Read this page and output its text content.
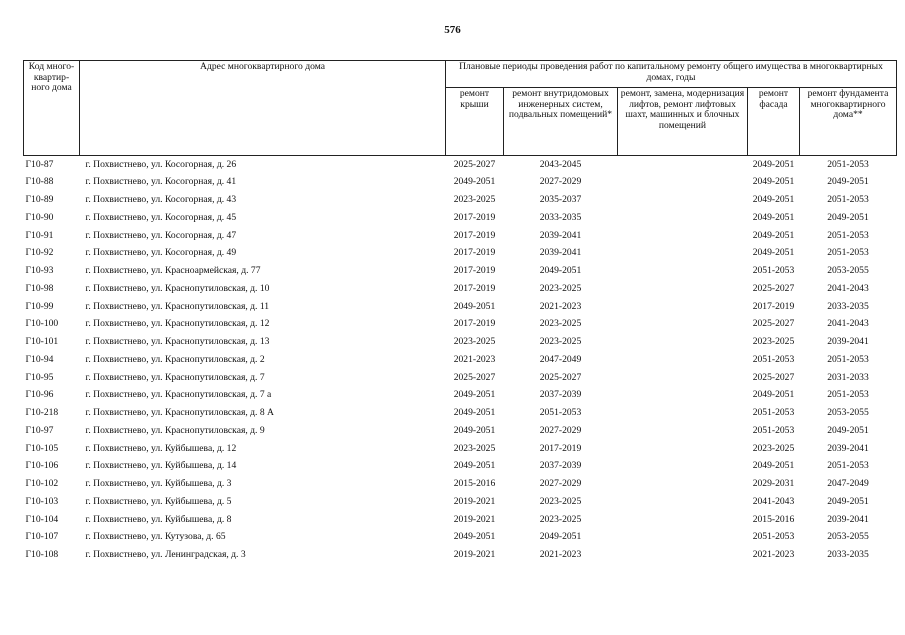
576
Код много-квартир-ного дома	Адрес многоквартирного дома	Плановые периоды проведения работ по капитальному ремонту общего имущества в многоквартирных домах, годы				
		ремонт крыши	ремонт внутридомовых инженерных систем, подвальных помещений*	ремонт, замена, модернизация лифтов, ремонт лифтовых шахт, машинных и блочных помещений	ремонт фасада	ремонт фундамента многоквартирного дома**
Г10-87	г. Похвистнево, ул. Косогорная, д. 26	2025-2027	2043-2045		2049-2051	2051-2053
Г10-88	г. Похвистнево, ул. Косогорная, д. 41	2049-2051	2027-2029		2049-2051	2049-2051
Г10-89	г. Похвистнево, ул. Косогорная, д. 43	2023-2025	2035-2037		2049-2051	2051-2053
Г10-90	г. Похвистнево, ул. Косогорная, д. 45	2017-2019	2033-2035		2049-2051	2049-2051
Г10-91	г. Похвистнево, ул. Косогорная, д. 47	2017-2019	2039-2041		2049-2051	2051-2053
Г10-92	г. Похвистнево, ул. Косогорная, д. 49	2017-2019	2039-2041		2049-2051	2051-2053
Г10-93	г. Похвистнево, ул. Красноармейская, д. 77	2017-2019	2049-2051		2051-2053	2053-2055
Г10-98	г. Похвистнево, ул. Краснопутиловская, д. 10	2017-2019	2023-2025		2025-2027	2041-2043
Г10-99	г. Похвистнево, ул. Краснопутиловская, д. 11	2049-2051	2021-2023		2017-2019	2033-2035
Г10-100	г. Похвистнево, ул. Краснопутиловская, д. 12	2017-2019	2023-2025		2025-2027	2041-2043
Г10-101	г. Похвистнево, ул. Краснопутиловская, д. 13	2023-2025	2023-2025		2023-2025	2039-2041
Г10-94	г. Похвистнево, ул. Краснопутиловская, д. 2	2021-2023	2047-2049		2051-2053	2051-2053
Г10-95	г. Похвистнево, ул. Краснопутиловская, д. 7	2025-2027	2025-2027		2025-2027	2031-2033
Г10-96	г. Похвистнево, ул. Краснопутиловская, д. 7 а	2049-2051	2037-2039		2049-2051	2051-2053
Г10-218	г. Похвистнево, ул. Краснопутиловская, д. 8 А	2049-2051	2051-2053		2051-2053	2053-2055
Г10-97	г. Похвистнево, ул. Краснопутиловская, д. 9	2049-2051	2027-2029		2051-2053	2049-2051
Г10-105	г. Похвистнево, ул. Куйбышева, д. 12	2023-2025	2017-2019		2023-2025	2039-2041
Г10-106	г. Похвистнево, ул. Куйбышева, д. 14	2049-2051	2037-2039		2049-2051	2051-2053
Г10-102	г. Похвистнево, ул. Куйбышева, д. 3	2015-2016	2027-2029		2029-2031	2047-2049
Г10-103	г. Похвистнево, ул. Куйбышева, д. 5	2019-2021	2023-2025		2041-2043	2049-2051
Г10-104	г. Похвистнево, ул. Куйбышева, д. 8	2019-2021	2023-2025		2015-2016	2039-2041
Г10-107	г. Похвистнево, ул. Кутузова, д. 65	2049-2051	2049-2051		2051-2053	2053-2055
Г10-108	г. Похвистнево, ул. Ленинградская, д. 3	2019-2021	2021-2023		2021-2023	2033-2035
